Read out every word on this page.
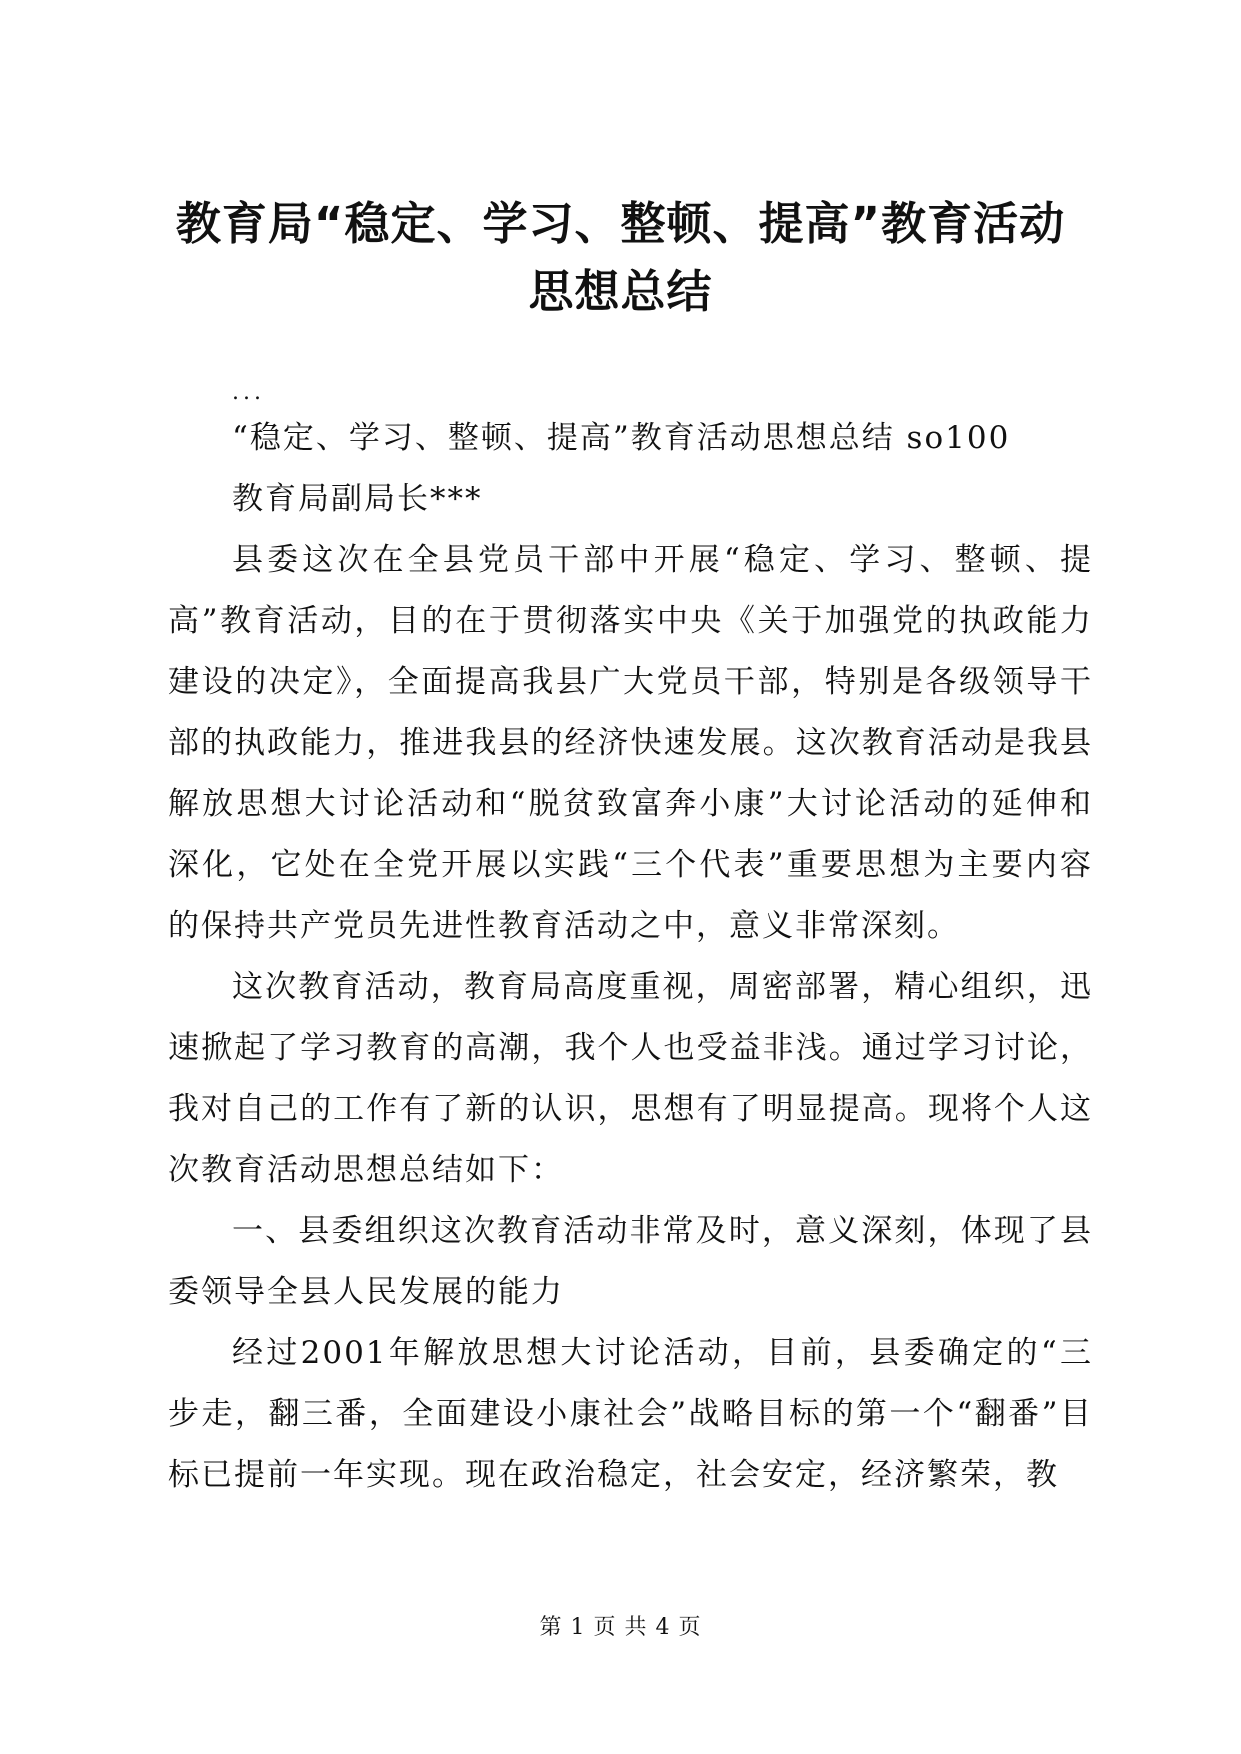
教育局“稳定、学习、整顿、提高”教育活动
思想总结
...

“稳定、学习、整顿、提高”教育活动思想总结 so100

教育局副局长***

县委这次在全县党员干部中开展“稳定、学习、整顿、提高”教育活动，目的在于贯彻落实中央《关于加强党的执政能力建设的决定》，全面提高我县广大党员干部，特别是各级领导干部的执政能力，推进我县的经济快速发展。这次教育活动是我县解放思想大讨论活动和“脱贫致富奔小康”大讨论活动的延伸和深化，它处在全党开展以实践“三个代表”重要思想为主要内容的保持共产党员先进性教育活动之中，意义非常深刻。

这次教育活动，教育局高度重视，周密部署，精心组织，迅速掀起了学习教育的高潮，我个人也受益非浅。通过学习讨论，我对自己的工作有了新的认识，思想有了明显提高。现将个人这次教育活动思想总结如下：

一、县委组织这次教育活动非常及时，意义深刻，体现了县委领导全县人民发展的能力

经过2001年解放思想大讨论活动，目前，县委确定的“三步走，翻三番，全面建设小康社会”战略目标的第一个“翻番”目标已提前一年实现。现在政治稳定，社会安定，经济繁荣，教

第 1 页 共 4 页
